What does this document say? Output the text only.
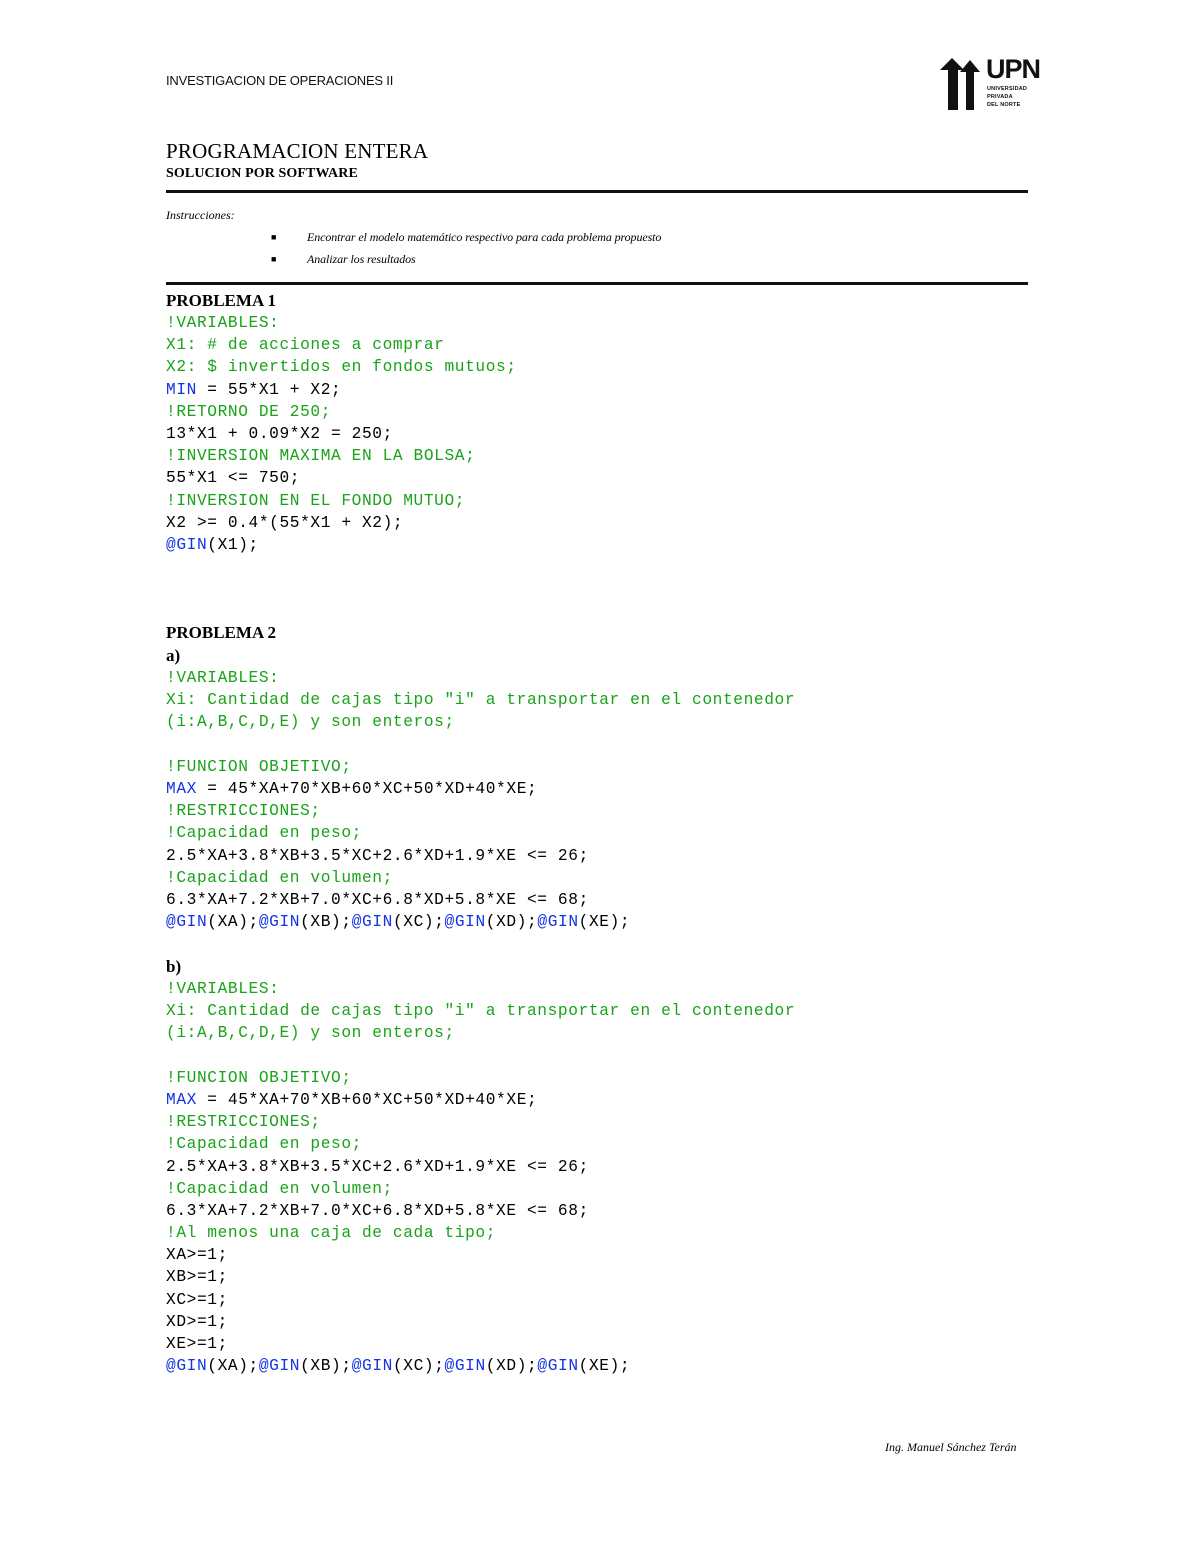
INVESTIGACION DE OPERACIONES II	UPN
UNIVERSIDAD
PRIVADA
DEL NORTE
PROGRAMACION ENTERA
SOLUCION POR SOFTWARE
Instrucciones:
■	Encontrar el modelo matemático respectivo para cada problema propuesto
■	Analizar los resultados
PROBLEMA 1
!VARIABLES:
X1: # de acciones a comprar
X2: $ invertidos en fondos mutuos;
MIN = 55*X1 + X2;
!RETORNO DE 250;
13*X1 + 0.09*X2 = 250;
!INVERSION MAXIMA EN LA BOLSA;
55*X1 <= 750;
!INVERSION EN EL FONDO MUTUO;
X2 >= 0.4*(55*X1 + X2);
@GIN(X1);
PROBLEMA 2
a)
!VARIABLES:
Xi: Cantidad de cajas tipo "i" a transportar en el contenedor
(i:A,B,C,D,E) y son enteros;
!FUNCION OBJETIVO;
MAX = 45*XA+70*XB+60*XC+50*XD+40*XE;
!RESTRICCIONES;
!Capacidad en peso;
2.5*XA+3.8*XB+3.5*XC+2.6*XD+1.9*XE <= 26;
!Capacidad en volumen;
6.3*XA+7.2*XB+7.0*XC+6.8*XD+5.8*XE <= 68;
@GIN(XA);@GIN(XB);@GIN(XC);@GIN(XD);@GIN(XE);
b)
!VARIABLES:
Xi: Cantidad de cajas tipo "i" a transportar en el contenedor
(i:A,B,C,D,E) y son enteros;
!FUNCION OBJETIVO;
MAX = 45*XA+70*XB+60*XC+50*XD+40*XE;
!RESTRICCIONES;
!Capacidad en peso;
2.5*XA+3.8*XB+3.5*XC+2.6*XD+1.9*XE <= 26;
!Capacidad en volumen;
6.3*XA+7.2*XB+7.0*XC+6.8*XD+5.8*XE <= 68;
!Al menos una caja de cada tipo;
XA>=1;
XB>=1;
XC>=1;
XD>=1;
XE>=1;
@GIN(XA);@GIN(XB);@GIN(XC);@GIN(XD);@GIN(XE);
Ing. Manuel Sánchez Terán
